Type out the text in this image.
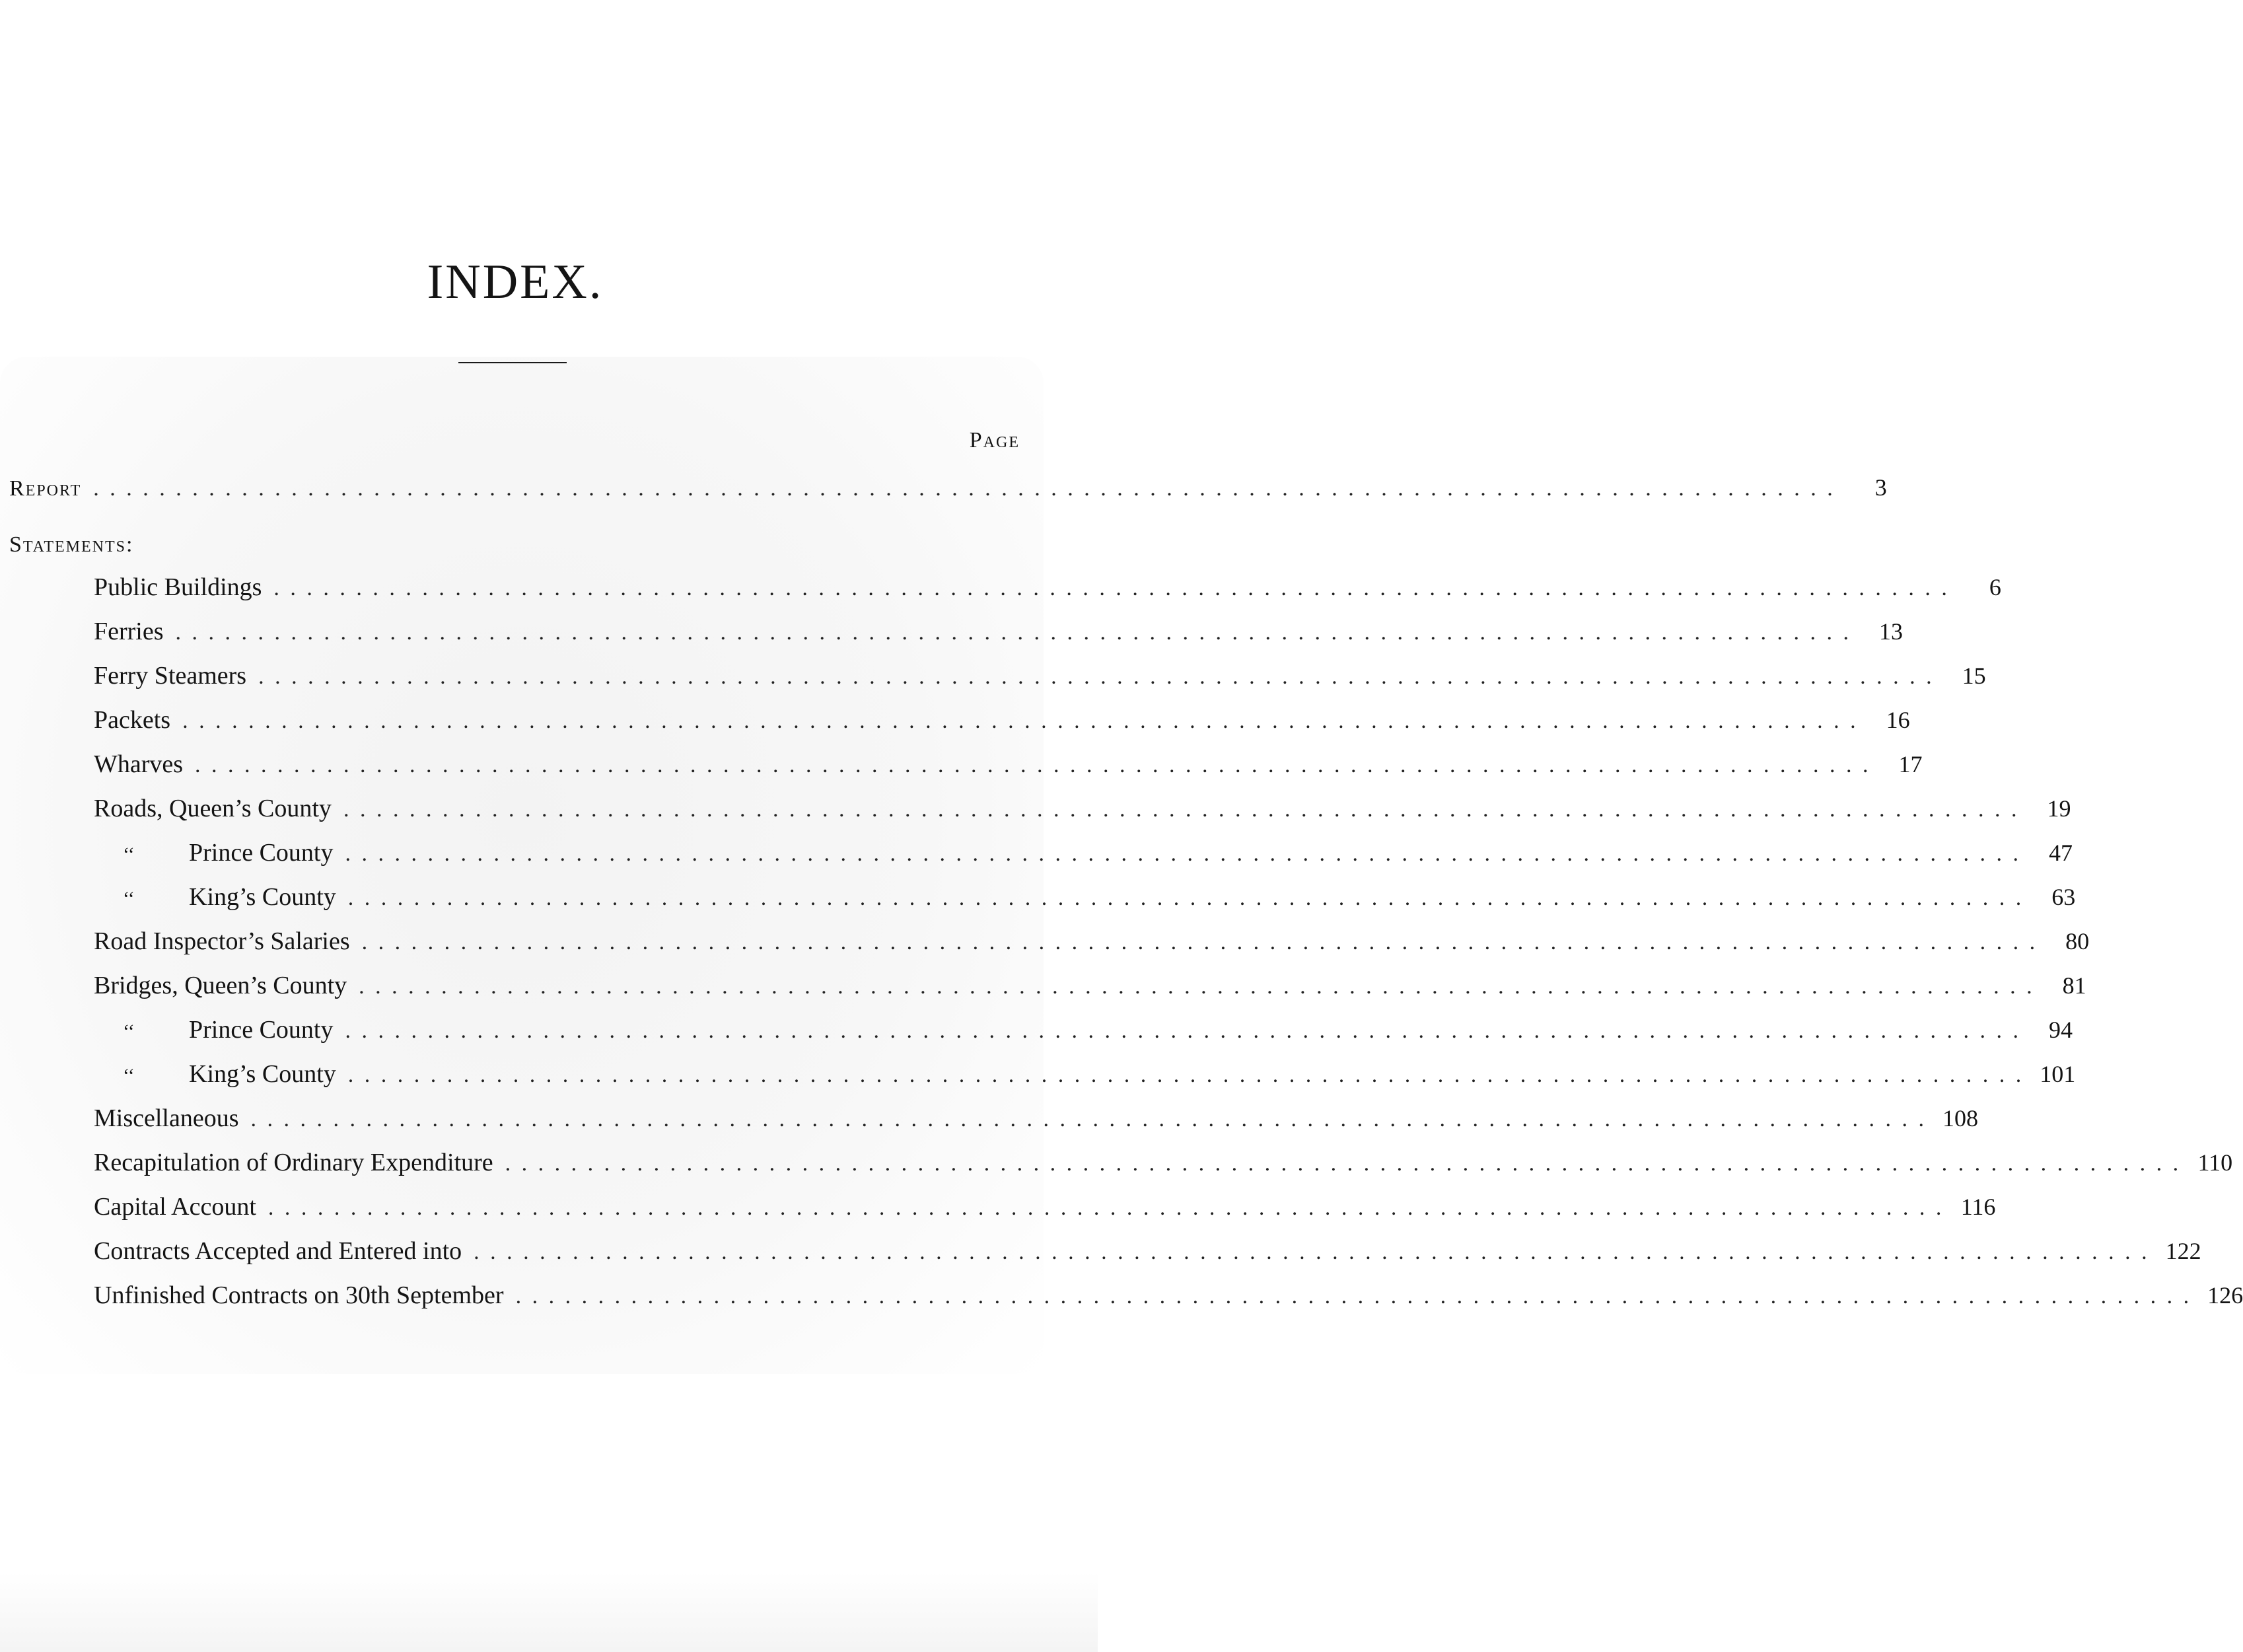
INDEX.
Page
Report . . . . . . . . . . . . . . . . . . . . . . . . . . . . . . . . . . . . . . . . . . . . . . . . . . . . . . . . . . . . . . . . . . . . . . . . . . . . . . . . . . . . . . . . . . . . . . . . . . . . . . . . . .	3
Statements:
Public Buildings . . . . . . . . . . . . . . . . . . . . . . . . . . . . . . . . . . . . . . . . . . . . . . . . . . . . . . . . . . . . . . . . . . . . . . . . . . . . . . . . . . . . . . . . . . . . . . . . . . . . . .	6
Ferries . . . . . . . . . . . . . . . . . . . . . . . . . . . . . . . . . . . . . . . . . . . . . . . . . . . . . . . . . . . . . . . . . . . . . . . . . . . . . . . . . . . . . . . . . . . . . . . . . . . . . .	13
Ferry Steamers . . . . . . . . . . . . . . . . . . . . . . . . . . . . . . . . . . . . . . . . . . . . . . . . . . . . . . . . . . . . . . . . . . . . . . . . . . . . . . . . . . . . . . . . . . . . . . . . . . . . . .	15
Packets . . . . . . . . . . . . . . . . . . . . . . . . . . . . . . . . . . . . . . . . . . . . . . . . . . . . . . . . . . . . . . . . . . . . . . . . . . . . . . . . . . . . . . . . . . . . . . . . . . . . . .	16
Wharves . . . . . . . . . . . . . . . . . . . . . . . . . . . . . . . . . . . . . . . . . . . . . . . . . . . . . . . . . . . . . . . . . . . . . . . . . . . . . . . . . . . . . . . . . . . . . . . . . . . . . .	17
Roads, Queen’s County . . . . . . . . . . . . . . . . . . . . . . . . . . . . . . . . . . . . . . . . . . . . . . . . . . . . . . . . . . . . . . . . . . . . . . . . . . . . . . . . . . . . . . . . . . . . . . . . . . . . . .	19
‘‘ Prince County . . . . . . . . . . . . . . . . . . . . . . . . . . . . . . . . . . . . . . . . . . . . . . . . . . . . . . . . . . . . . . . . . . . . . . . . . . . . . . . . . . . . . . . . . . . . . . . . . . . . . .	47
‘‘ King’s County . . . . . . . . . . . . . . . . . . . . . . . . . . . . . . . . . . . . . . . . . . . . . . . . . . . . . . . . . . . . . . . . . . . . . . . . . . . . . . . . . . . . . . . . . . . . . . . . . . . . . .	63
Road Inspector’s Salaries . . . . . . . . . . . . . . . . . . . . . . . . . . . . . . . . . . . . . . . . . . . . . . . . . . . . . . . . . . . . . . . . . . . . . . . . . . . . . . . . . . . . . . . . . . . . . . . . . . . . . .	80
Bridges, Queen’s County . . . . . . . . . . . . . . . . . . . . . . . . . . . . . . . . . . . . . . . . . . . . . . . . . . . . . . . . . . . . . . . . . . . . . . . . . . . . . . . . . . . . . . . . . . . . . . . . . . . . . .	81
‘‘ Prince County . . . . . . . . . . . . . . . . . . . . . . . . . . . . . . . . . . . . . . . . . . . . . . . . . . . . . . . . . . . . . . . . . . . . . . . . . . . . . . . . . . . . . . . . . . . . . . . . . . . . . .	94
‘‘ King’s County . . . . . . . . . . . . . . . . . . . . . . . . . . . . . . . . . . . . . . . . . . . . . . . . . . . . . . . . . . . . . . . . . . . . . . . . . . . . . . . . . . . . . . . . . . . . . . . . . . . . . . 101
Miscellaneous . . . . . . . . . . . . . . . . . . . . . . . . . . . . . . . . . . . . . . . . . . . . . . . . . . . . . . . . . . . . . . . . . . . . . . . . . . . . . . . . . . . . . . . . . . . . . . . . . . . . . . 108
Recapitulation of Ordinary Expenditure . . . . . . . . . . . . . . . . . . . . . . . . . . . . . . . . . . . . . . . . . . . . . . . . . . . . . . . . . . . . . . . . . . . . . . . . . . . . . . . . . . . . . . . . . . . . . . . . . . . . . . 110
Capital Account . . . . . . . . . . . . . . . . . . . . . . . . . . . . . . . . . . . . . . . . . . . . . . . . . . . . . . . . . . . . . . . . . . . . . . . . . . . . . . . . . . . . . . . . . . . . . . . . . . . . . . 116
Contracts Accepted and Entered into . . . . . . . . . . . . . . . . . . . . . . . . . . . . . . . . . . . . . . . . . . . . . . . . . . . . . . . . . . . . . . . . . . . . . . . . . . . . . . . . . . . . . . . . . . . . . . . . . . . . . . 122
Unfinished Contracts on 30th September . . . . . . . . . . . . . . . . . . . . . . . . . . . . . . . . . . . . . . . . . . . . . . . . . . . . . . . . . . . . . . . . . . . . . . . . . . . . . . . . . . . . . . . . . . . . . . . . . . . . . . 126
